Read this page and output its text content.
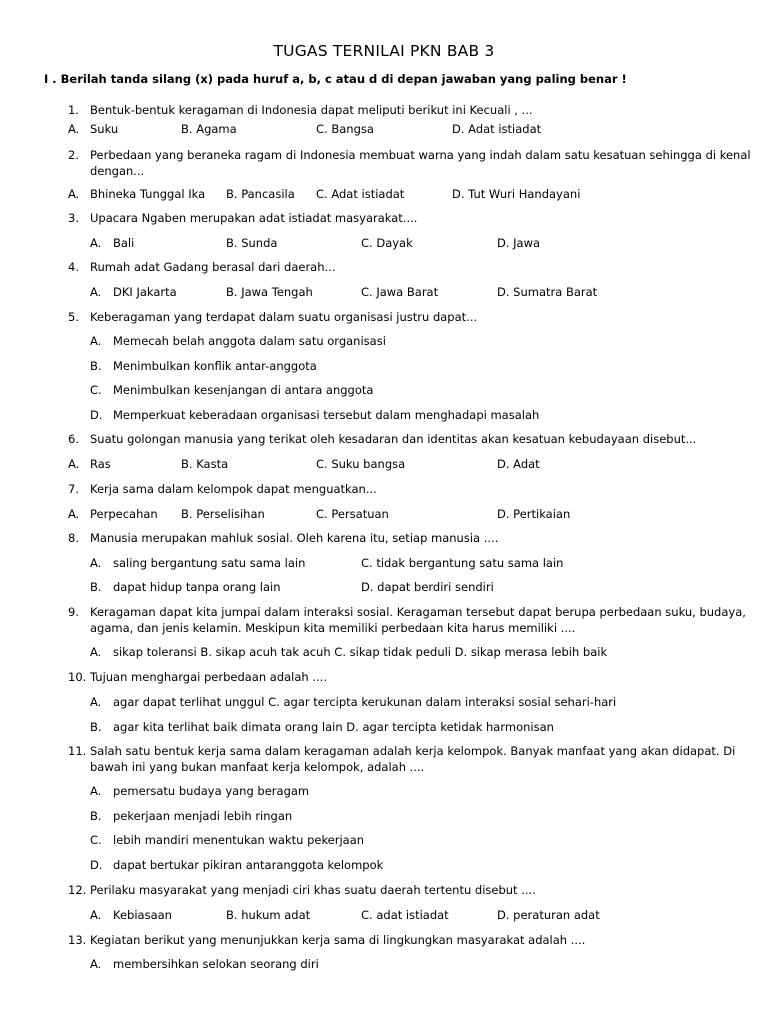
TUGAS TERNILAI PKN BAB 3
I . Berilah tanda silang (x) pada huruf a, b, c atau d di depan jawaban yang paling benar !
1. Bentuk-bentuk keragaman di Indonesia dapat meliputi berikut ini Kecuali , ...
A. Suku	B. Agama	C. Bangsa	D. Adat istiadat
2. Perbedaan yang beraneka ragam di Indonesia membuat warna yang indah dalam satu kesatuan sehingga di kenal
dengan...
A. Bhineka Tunggal Ika B. Pancasila C. Adat istiadat	D. Tut Wuri Handayani
3. Upacara Ngaben merupakan adat istiadat masyarakat....
A. Bali	B. Sunda	C. Dayak	D. Jawa
4. Rumah adat Gadang berasal dari daerah...
A. DKI Jakarta	B. Jawa Tengah	C. Jawa Barat	D. Sumatra Barat
5. Keberagaman yang terdapat dalam suatu organisasi justru dapat...
A. Memecah belah anggota dalam satu organisasi
B. Menimbulkan konflik antar-anggota
C. Menimbulkan kesenjangan di antara anggota
D. Memperkuat keberadaan organisasi tersebut dalam menghadapi masalah
6. Suatu golongan manusia yang terikat oleh kesadaran dan identitas akan kesatuan kebudayaan disebut...
A. Ras	B. Kasta	C. Suku bangsa	D. Adat
7. Kerja sama dalam kelompok dapat menguatkan...
A. Perpecahan B. Perselisihan	C. Persatuan	D. Pertikaian
8. Manusia merupakan mahluk sosial. Oleh karena itu, setiap manusia ....
A. saling bergantung satu sama lain	C. tidak bergantung satu sama lain
B. dapat hidup tanpa orang lain	D. dapat berdiri sendiri
9. Keragaman dapat kita jumpai dalam interaksi sosial. Keragaman tersebut dapat berupa perbedaan suku, budaya,
agama, dan jenis kelamin. Meskipun kita memiliki perbedaan kita harus memiliki ....
A. sikap toleransi B. sikap acuh tak acuh C. sikap tidak peduli D. sikap merasa lebih baik
10. Tujuan menghargai perbedaan adalah ....
A. agar dapat terlihat unggul C. agar tercipta kerukunan dalam interaksi sosial sehari-hari
B. agar kita terlihat baik dimata orang lain D. agar tercipta ketidak harmonisan
11. Salah satu bentuk kerja sama dalam keragaman adalah kerja kelompok. Banyak manfaat yang akan didapat. Di
bawah ini yang bukan manfaat kerja kelompok, adalah ....
A. pemersatu budaya yang beragam
B. pekerjaan menjadi lebih ringan
C. lebih mandiri menentukan waktu pekerjaan
D. dapat bertukar pikiran antaranggota kelompok
12. Perilaku masyarakat yang menjadi ciri khas suatu daerah tertentu disebut ....
A. Kebiasaan	B. hukum adat	C. adat istiadat	D. peraturan adat
13. Kegiatan berikut yang menunjukkan kerja sama di lingkungkan masyarakat adalah ....
A. membersihkan selokan seorang diri
